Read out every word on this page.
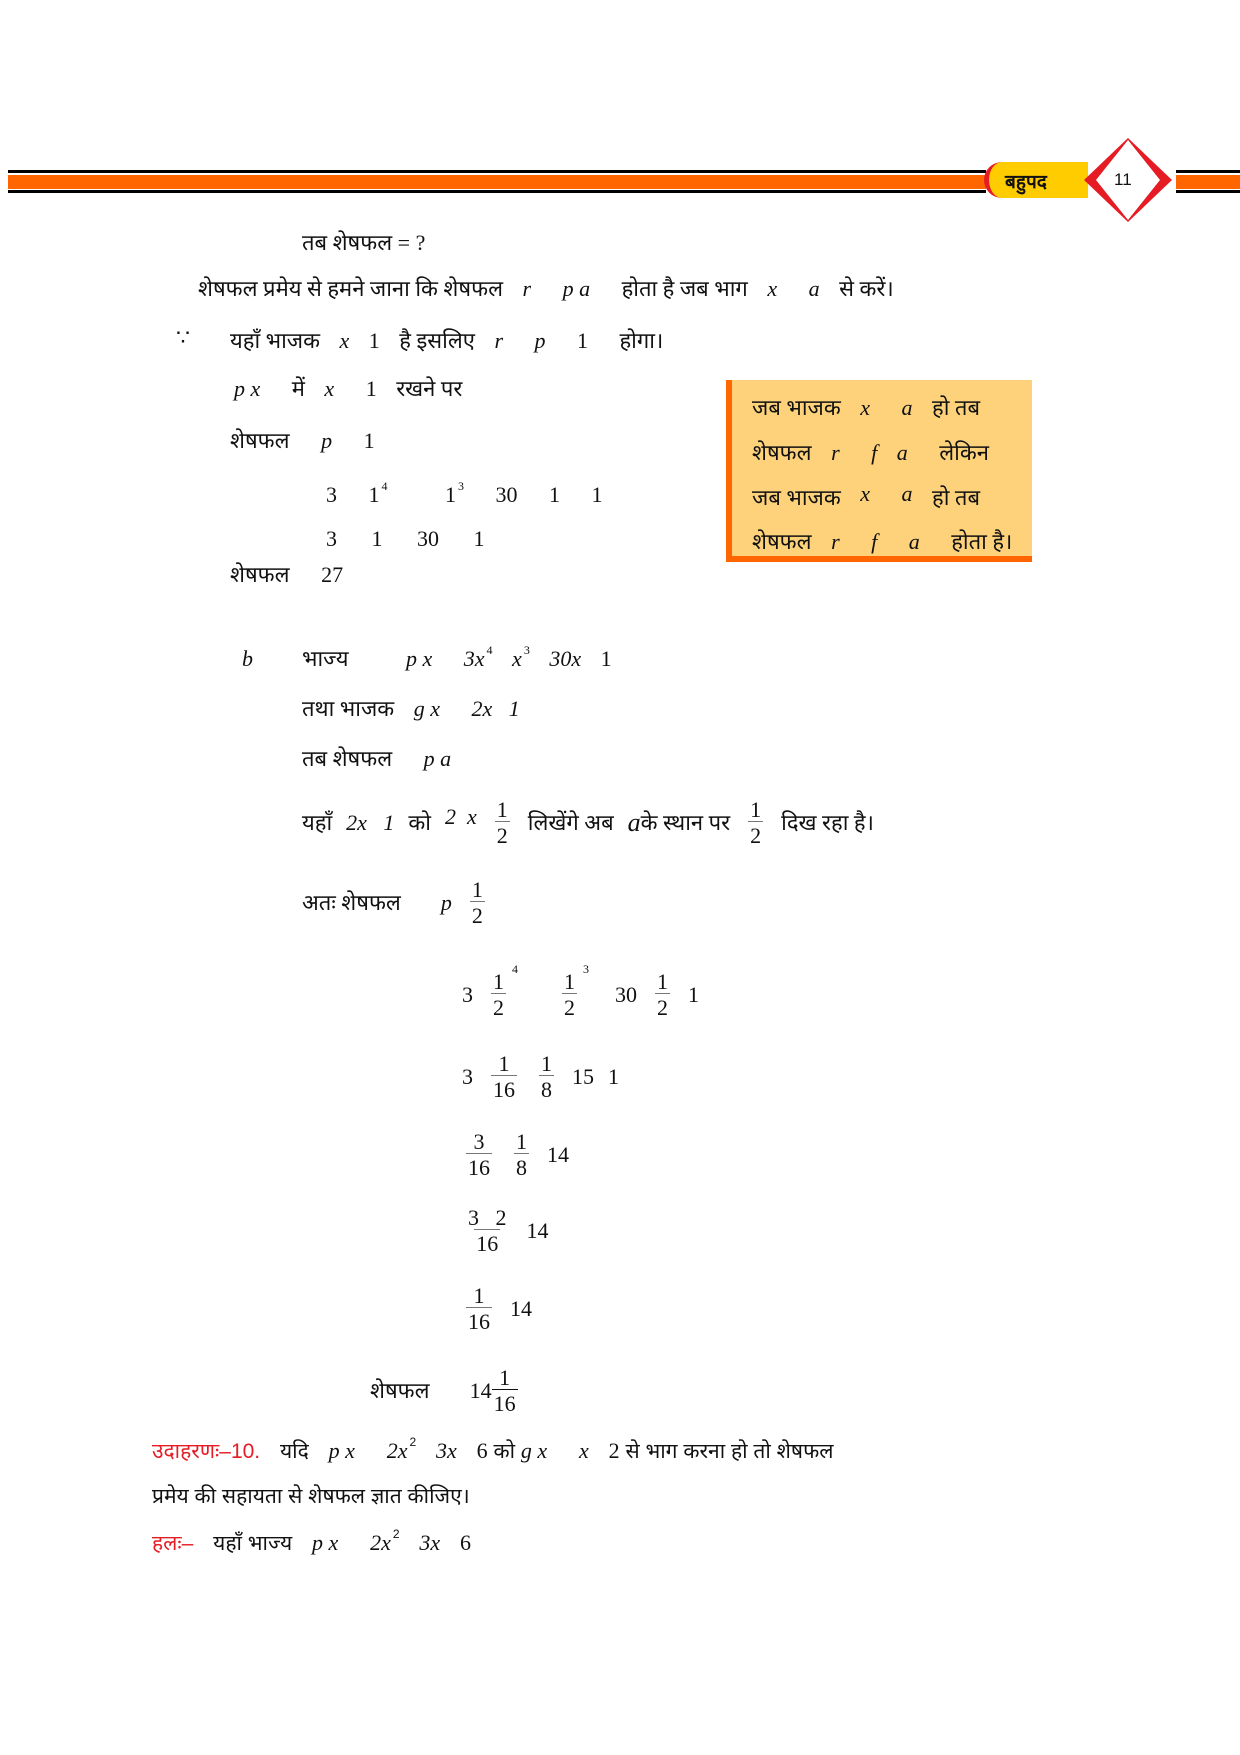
बहुपद	11
तब शेषफल = ?
शेषफल प्रमेय से हमने जाना कि शेषफल r p a होता है जब भाग x a से करें।
∵ यहाँ भाजक x 1 है इसलिए r p 1 होगा।
p x में x 1 रखने पर
शेषफल p 1
3 1 $^4$	1 $^3$ 30 1 1
3   1   30   1
शेषफल 27
जब भाजक x a हो तब
शेषफल r f a लेकिन
जब भाजक x a हो तब
शेषफल r f a होता है।
b भाज्य	p x 3x $^4$ x $^3$ 30x 1
तथा भाजक g x 2x   1
तब शेषफल p a
यहाँ 2x   1 को 2  x $\frac{1}{2}$ लिखेंगे अब a के स्थान पर $\frac{1}{2}$ दिख रहा है।
अतः शेषफल p $\frac{1}{2}$
$3 \frac{1}{2}$
4
$\frac{1}{2}$
3
$30 \frac{1}{2} 1$
$3 \frac{1}{16} \frac{1}{8} 15$ 1
$\frac{3}{16} \frac{1}{8} 14$
$\frac{3 2}{16} 14$
$\frac{1}{16} 14$
शेषफल $14 \frac{1}{16}$
उदाहरणः–10. यदि p x 2x $^2$ 3x 6 को g x x 2 से भाग करना हो तो शेषफल
प्रमेय की सहायता से शेषफल ज्ञात कीजिए।
हलः– यहाँ भाज्य p x 2x $^2$ 3x 6
